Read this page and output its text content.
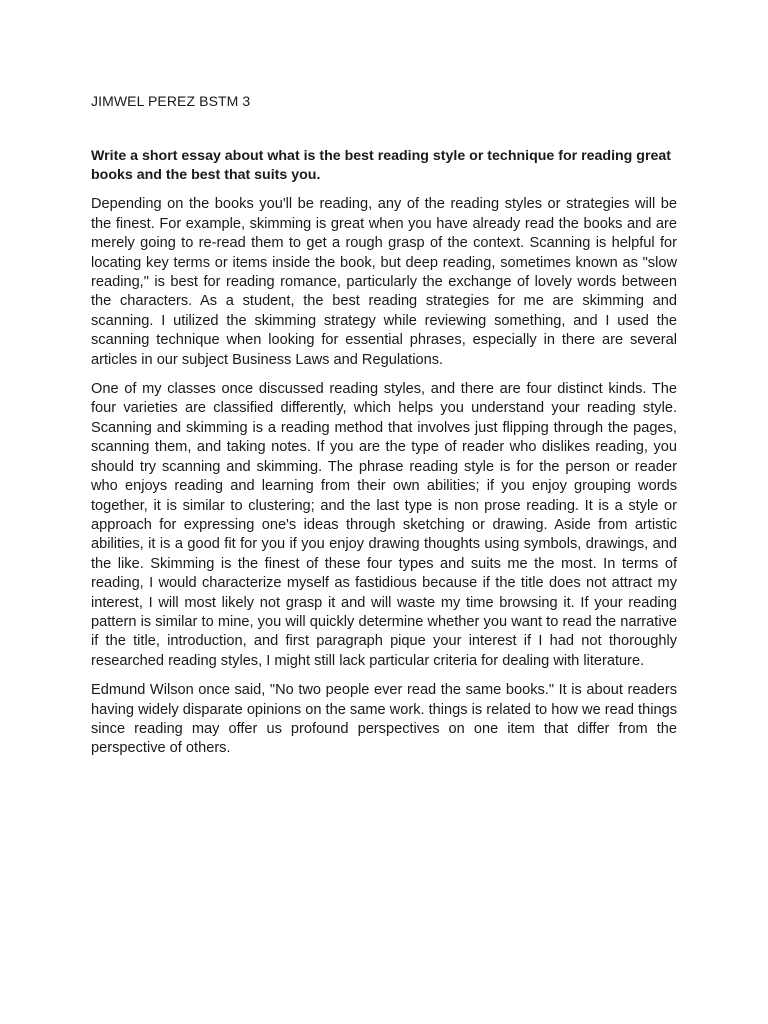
JIMWEL PEREZ BSTM 3

Write a short essay about what is the best reading style or technique for reading great books and the best that suits you.

Depending on the books you'll be reading, any of the reading styles or strategies will be the finest. For example, skimming is great when you have already read the books and are merely going to re-read them to get a rough grasp of the context. Scanning is helpful for locating key terms or items inside the book, but deep reading, sometimes known as "slow reading," is best for reading romance, particularly the exchange of lovely words between the characters. As a student, the best reading strategies for me are skimming and scanning. I utilized the skimming strategy while reviewing something, and I used the scanning technique when looking for essential phrases, especially in there are several articles in our subject Business Laws and Regulations.

One of my classes once discussed reading styles, and there are four distinct kinds. The four varieties are classified differently, which helps you understand your reading style. Scanning and skimming is a reading method that involves just flipping through the pages, scanning them, and taking notes. If you are the type of reader who dislikes reading, you should try scanning and skimming. The phrase reading style is for the person or reader who enjoys reading and learning from their own abilities; if you enjoy grouping words together, it is similar to clustering; and the last type is non prose reading. It is a style or approach for expressing one's ideas through sketching or drawing. Aside from artistic abilities, it is a good fit for you if you enjoy drawing thoughts using symbols, drawings, and the like. Skimming is the finest of these four types and suits me the most. In terms of reading, I would characterize myself as fastidious because if the title does not attract my interest, I will most likely not grasp it and will waste my time browsing it. If your reading pattern is similar to mine, you will quickly determine whether you want to read the narrative if the title, introduction, and first paragraph pique your interest if I had not thoroughly researched reading styles, I might still lack particular criteria for dealing with literature.

Edmund Wilson once said, "No two people ever read the same books." It is about readers having widely disparate opinions on the same work. things is related to how we read things since reading may offer us profound perspectives on one item that differ from the perspective of others.
